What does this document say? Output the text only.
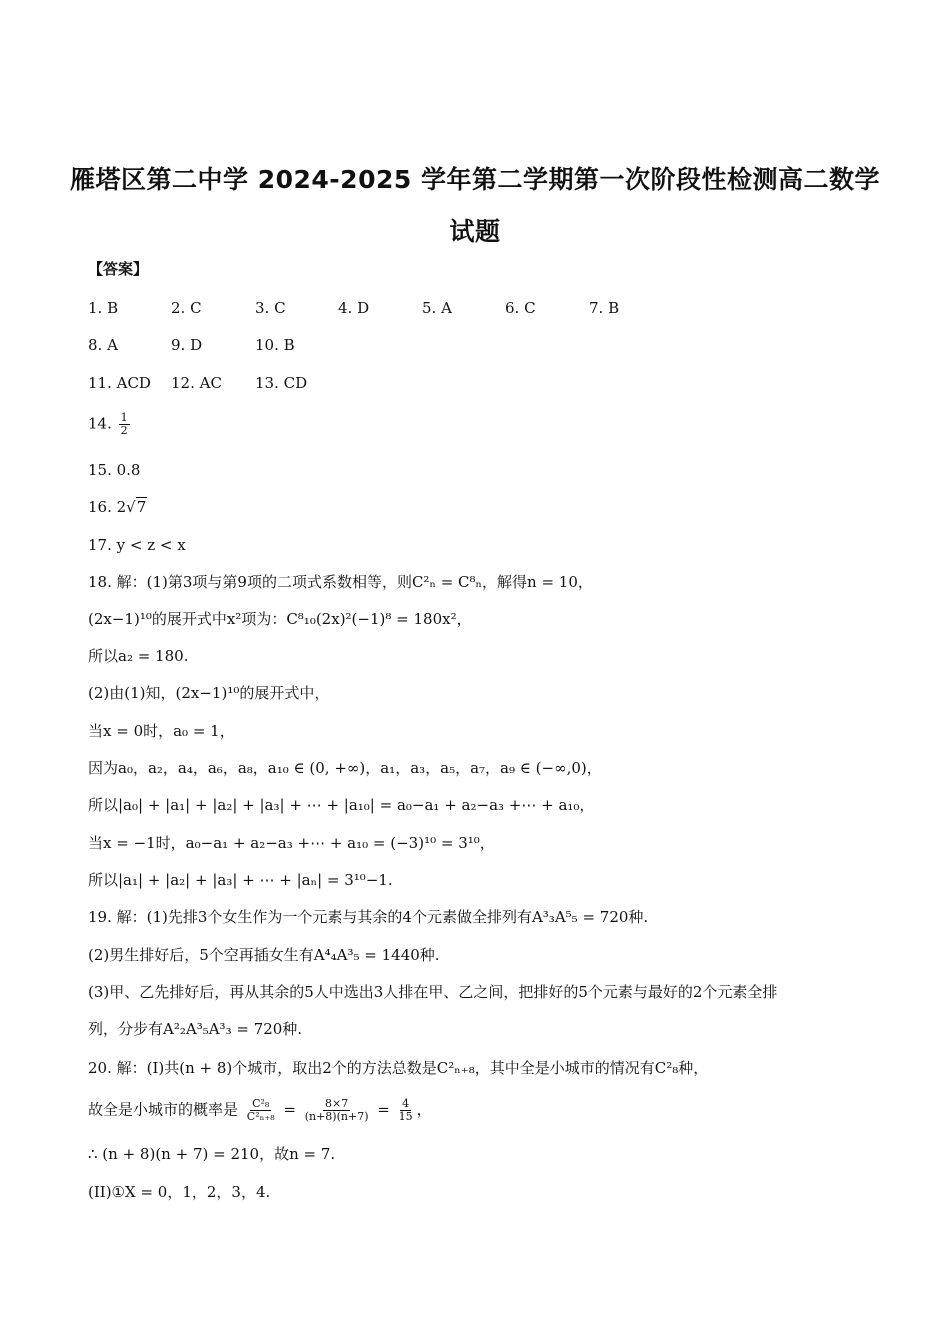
雁塔区第二中学 2024-2025 学年第二学期第一次阶段性检测高二数学
试题
【答案】
1. B	2. C	3. C	4. D	5. A	6. C	7. B
8. A	9. D	10. B
11. ACD 12. AC 13. CD
14. $\frac{1}{2}$
15. 0.8
16. 2√7
17. y < z < x
18. 解：(1)第3项与第9项的二项式系数相等，则C²ₙ = C⁸ₙ，解得n = 10，
(2x−1)¹⁰的展开式中x²项为：C⁸₁₀(2x)²(−1)⁸ = 180x²，
所以a₂ = 180.
(2)由(1)知，(2x−1)¹⁰的展开式中，
当x = 0时，a₀ = 1，
因为a₀，a₂，a₄，a₆，a₈，a₁₀ ∈ (0, +∞)，a₁，a₃，a₅，a₇，a₉ ∈ (−∞,0)，
所以|a₀| + |a₁| + |a₂| + |a₃| + ⋯ + |a₁₀| = a₀−a₁ + a₂−a₃ +⋯ + a₁₀，
当x = −1时，a₀−a₁ + a₂−a₃ +⋯ + a₁₀ = (−3)¹⁰ = 3¹⁰，
所以|a₁| + |a₂| + |a₃| + ⋯ + |aₙ| = 3¹⁰−1.
19. 解：(1)先排3个女生作为一个元素与其余的4个元素做全排列有A³₃A⁵₅ = 720种.
(2)男生排好后，5个空再插女生有A⁴₄A³₅ = 1440种.
(3)甲、乙先排好后，再从其余的5人中选出3人排在甲、乙之间，把排好的5个元素与最好的2个元素全排
列，分步有A²₂A³₅A³₃ = 720种.
20. 解：(I)共(n + 8)个城市，取出2个的方法总数是C²ₙ₊₈，其中全是小城市的情况有C²₈种，
故全是小城市的概率是 $\frac{\text{C²₈}}{\text{C²ₙ₊₈}} = \frac{8\times 7}{(n+8)(n+7)} = \frac{4}{15}$ ，
∴ (n + 8)(n + 7) = 210，故n = 7.
(II)①X = 0，1，2，3，4.
